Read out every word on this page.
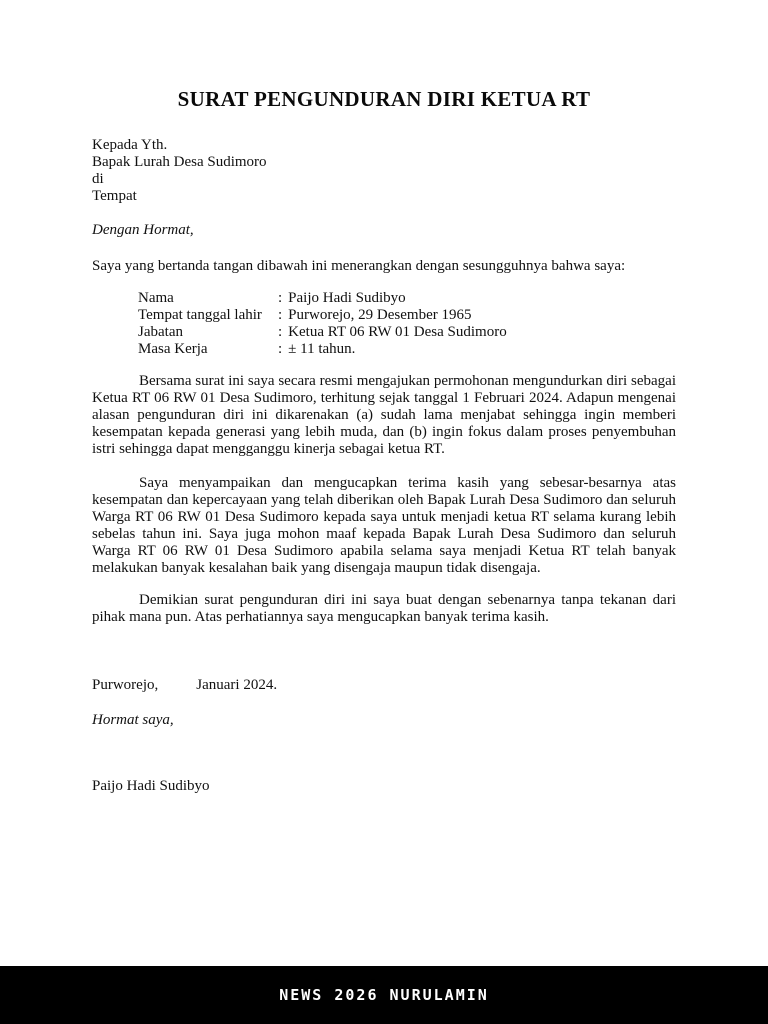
SURAT PENGUNDURAN DIRI KETUA RT
Kepada Yth.
Bapak Lurah Desa Sudimoro
di
Tempat

Dengan Hormat,

Saya yang bertanda tangan dibawah ini menerangkan dengan sesungguhnya bahwa saya:

Nama	: Paijo Hadi Sudibyo
Tempat tanggal lahir	: Purworejo, 29 Desember 1965
Jabatan	: Ketua RT 06 RW 01 Desa Sudimoro
Masa Kerja	: ± 11 tahun.

Bersama surat ini saya secara resmi mengajukan permohonan mengundurkan diri sebagai Ketua RT 06 RW 01 Desa Sudimoro, terhitung sejak tanggal 1 Februari 2024. Adapun mengenai alasan pengunduran diri ini dikarenakan (a) sudah lama menjabat sehingga ingin memberi kesempatan kepada generasi yang lebih muda, dan (b) ingin fokus dalam proses penyembuhan istri sehingga dapat mengganggu kinerja sebagai ketua RT.

Saya menyampaikan dan mengucapkan terima kasih yang sebesar-besarnya atas kesempatan dan kepercayaan yang telah diberikan oleh Bapak Lurah Desa Sudimoro dan seluruh Warga RT 06 RW 01 Desa Sudimoro kepada saya untuk menjadi ketua RT selama kurang lebih sebelas tahun ini. Saya juga mohon maaf kepada Bapak Lurah Desa Sudimoro dan seluruh Warga RT 06 RW 01 Desa Sudimoro apabila selama saya menjadi Ketua RT telah banyak melakukan banyak kesalahan baik yang disengaja maupun tidak disengaja.

Demikian surat pengunduran diri ini saya buat dengan sebenarnya tanpa tekanan dari pihak mana pun. Atas perhatiannya saya mengucapkan banyak terima kasih.

Purworejo,	Januari 2024.

Hormat saya,

Paijo Hadi Sudibyo

NEWS 2026 NURULAMIN
